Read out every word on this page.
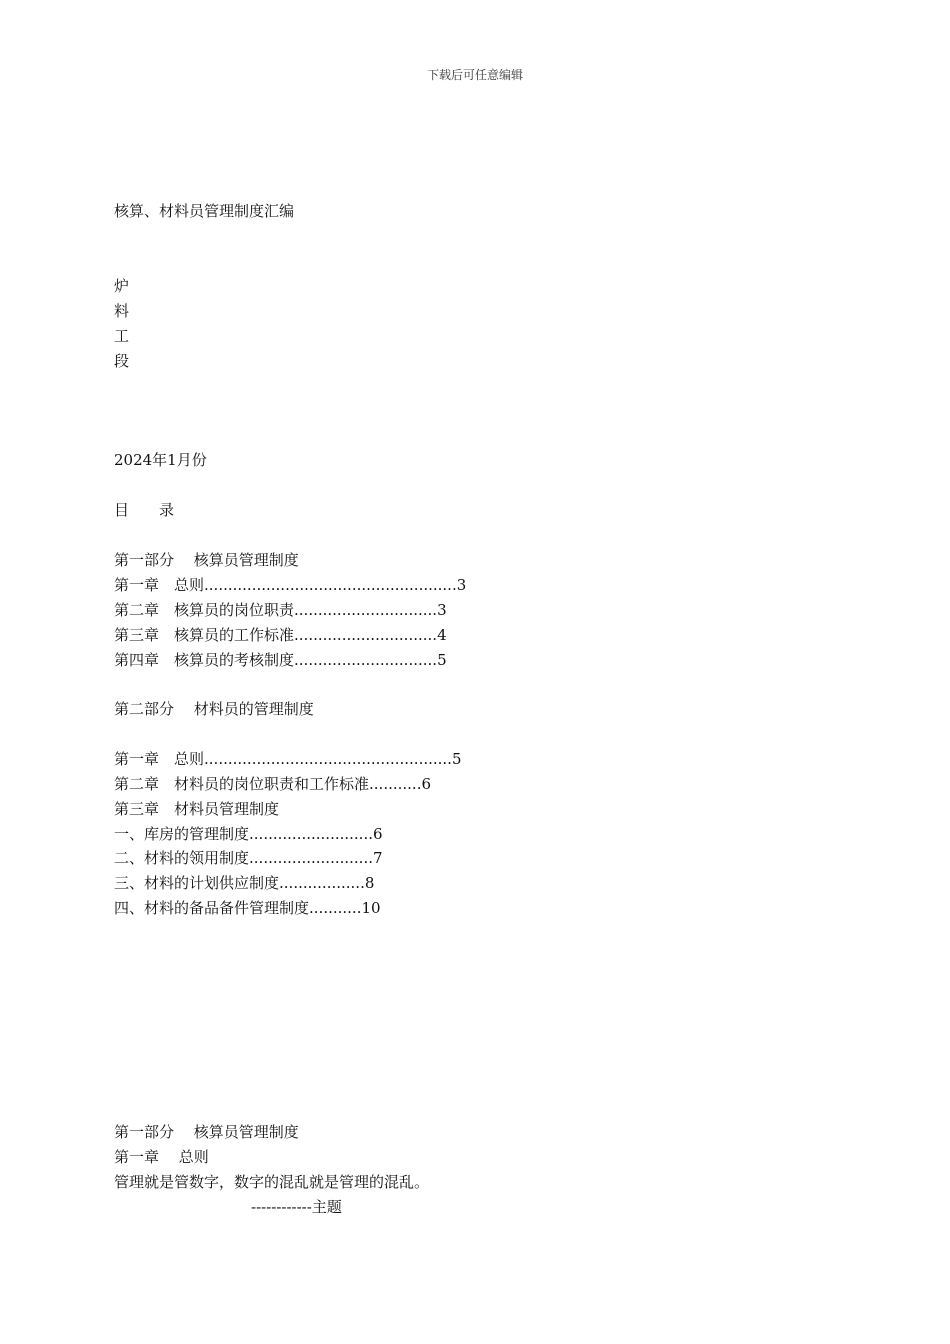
下载后可任意编辑
核算、材料员管理制度汇编
炉
料
工
段
2024年1月份
目　　录
第一部分　 核算员管理制度
第一章　总则.....................................................3
第二章　核算员的岗位职责..............................3
第三章　核算员的工作标准..............................4
第四章　核算员的考核制度..............................5
第二部分　 材料员的管理制度
第一章　总则....................................................5
第二章　材料员的岗位职责和工作标准...........6
第三章　材料员管理制度
一、库房的管理制度..........................6
二、材料的领用制度..........................7
三、材料的计划供应制度..................8
四、材料的备品备件管理制度...........10
第一部分　 核算员管理制度
第一章　 总则
管理就是管数字，数字的混乱就是管理的混乱。
------------主题
